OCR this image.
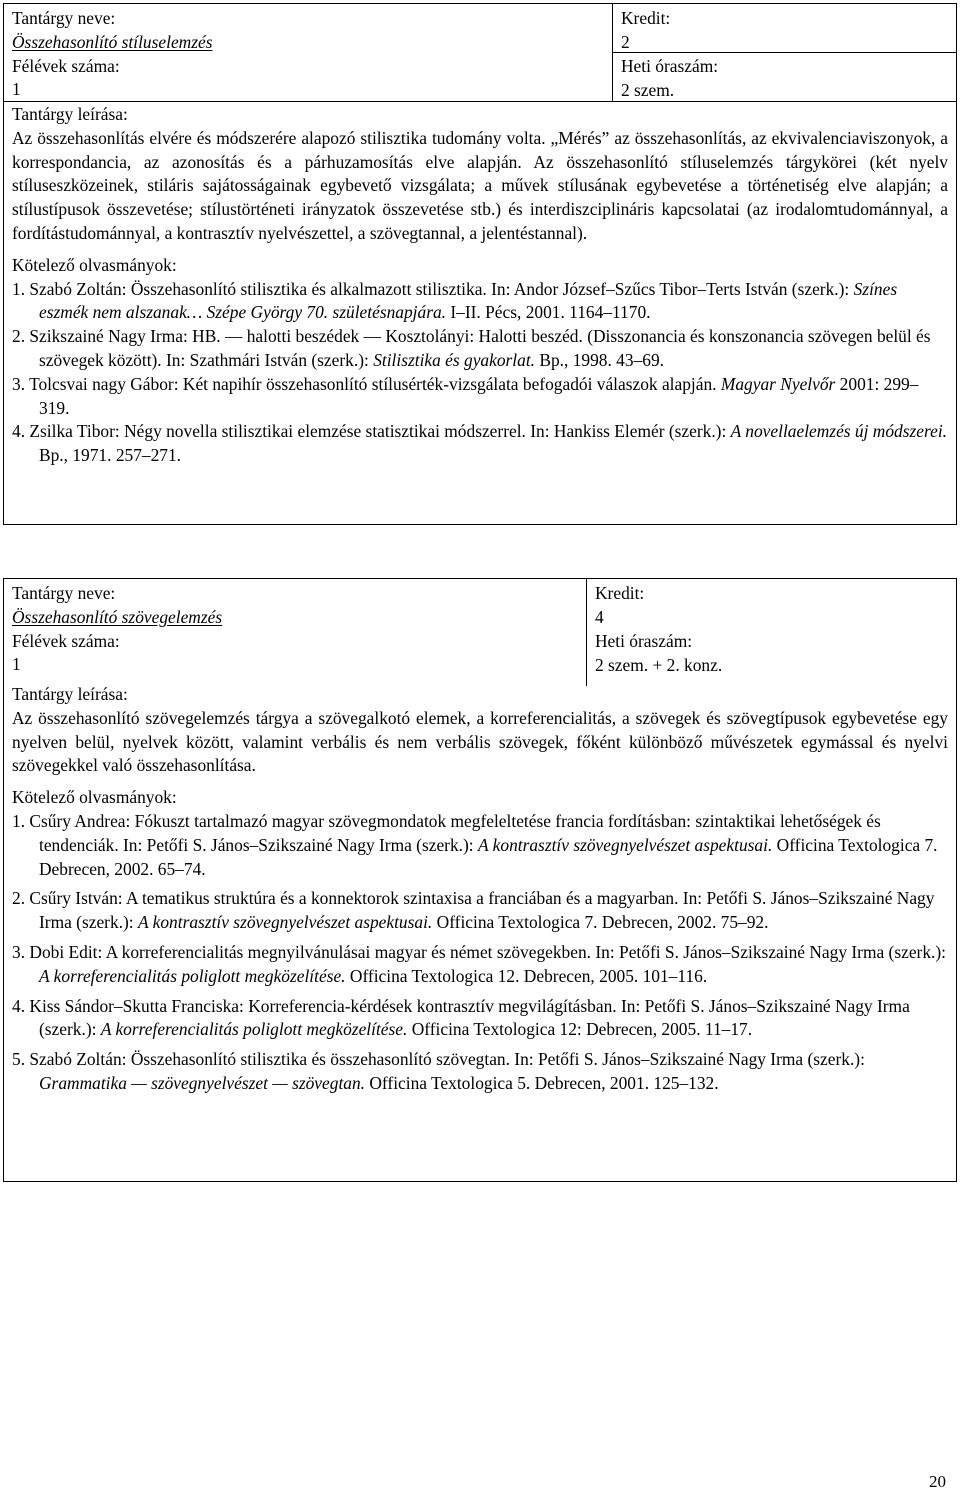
Tantárgy neve:
Összehasonlító stíluselemzés
Félévek száma:
1
Kredit:
2
Heti óraszám:
2 szem.
Tantárgy leírása:

Az összehasonlítás elvére és módszerére alapozó stilisztika tudomány volta. „Mérés” az összehasonlítás, az ekvivalenciaviszonyok, a korrespondancia, az azonosítás és a párhuzamosítás elve alapján. Az összehasonlító stíluselemzés tárgykörei (két nyelv stíluseszközeinek, stiláris sajátosságainak egybevető vizsgálata; a művek stílusának egybevetése a történetiség elve alapján; a stílustípusok összevetése; stílustörténeti irányzatok összevetése stb.) és interdiszciplináris kapcsolatai (az irodalomtudománnyal, a fordítástudománnyal, a kontrasztív nyelvészettel, a szövegtannal, a jelentéstannal).

Kötelező olvasmányok:

1. Szabó Zoltán: Összehasonlító stilisztika és alkalmazott stilisztika. In: Andor József–Szűcs Tibor–Terts István (szerk.): Színes eszmék nem alszanak… Szépe György 70. születésnapjára. I–II. Pécs, 2001. 1164–1170.
2. Szikszainé Nagy Irma: HB. — halotti beszédek — Kosztolányi: Halotti beszéd. (Disszonancia és konszonancia szövegen belül és szövegek között). In: Szathmári István (szerk.): Stilisztika és gyakorlat. Bp., 1998. 43–69.
3. Tolcsvai nagy Gábor: Két napihír összehasonlító stílusérték-vizsgálata befogadói válaszok alapján. Magyar Nyelvőr 2001: 299–319.
4. Zsilka Tibor: Négy novella stilisztikai elemzése statisztikai módszerrel. In: Hankiss Elemér (szerk.): A novellaelemzés új módszerei. Bp., 1971. 257–271.
Tantárgy neve:
Összehasonlító szövegelemzés
Félévek száma:
1
Kredit:
4
Heti óraszám:
2 szem. + 2. konz.
Tantárgy leírása:

Az összehasonlító szövegelemzés tárgya a szövegalkotó elemek, a korreferencialitás, a szövegek és szövegtípusok egybevetése egy nyelven belül, nyelvek között, valamint verbális és nem verbális szövegek, főként különböző művészetek egymással és nyelvi szövegekkel való összehasonlítása.

Kötelező olvasmányok:

1. Csűry Andrea: Fókuszt tartalmazó magyar szövegmondatok megfeleltetése francia fordításban: szintaktikai lehetőségek és tendenciák. In: Petőfi S. János–Szikszainé Nagy Irma (szerk.): A kontrasztív szövegnyelvészet aspektusai. Officina Textologica 7. Debrecen, 2002. 65–74.
2. Csűry István: A tematikus struktúra és a konnektorok szintaxisa a franciában és a magyarban. In: Petőfi S. János–Szikszainé Nagy Irma (szerk.): A kontrasztív szövegnyelvészet aspektusai. Officina Textologica 7. Debrecen, 2002. 75–92.
3. Dobi Edit: A korreferencialitás megnyilvánulásai magyar és német szövegekben. In: Petőfi S. János–Szikszainé Nagy Irma (szerk.): A korreferencialitás poliglott megközelítése. Officina Textologica 12. Debrecen, 2005. 101–116.
4. Kiss Sándor–Skutta Franciska: Korreferencia-kérdések kontrasztív megvilágításban. In: Petőfi S. János–Szikszainé Nagy Irma (szerk.): A korreferencialitás poliglott megközelítése. Officina Textologica 12: Debrecen, 2005. 11–17.
5. Szabó Zoltán: Összehasonlító stilisztika és összehasonlító szövegtan. In: Petőfi S. János–Szikszainé Nagy Irma (szerk.): Grammatika — szövegnyelvészet — szövegtan. Officina Textologica 5. Debrecen, 2001. 125–132.
20
